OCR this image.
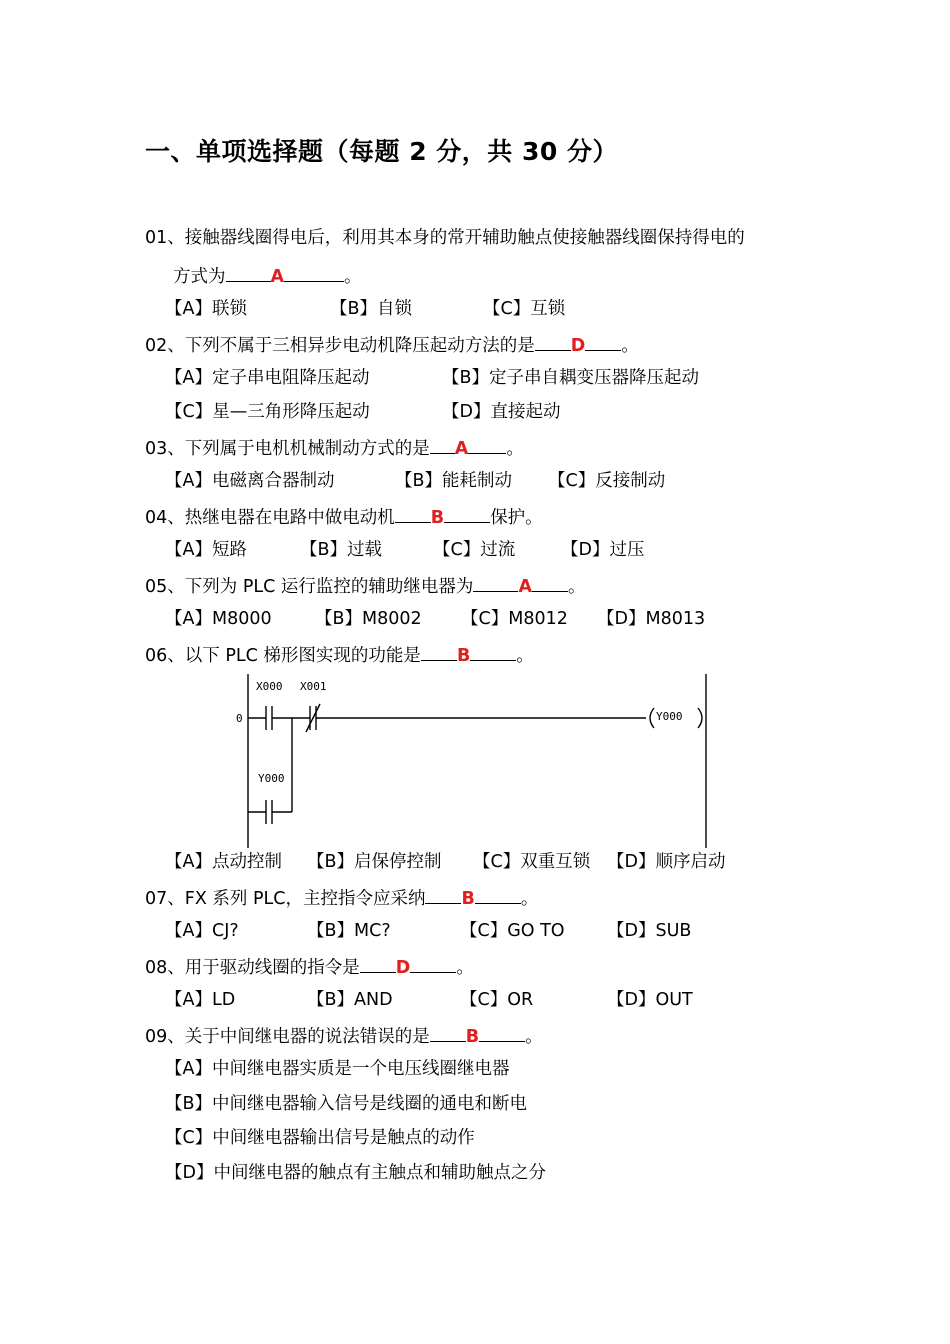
一、单项选择题（每题 2 分，共 30 分）
01、接触器线圈得电后，利用其本身的常开辅助触点使接触器线圈保持得电的
方式为	A	。
【A】联锁	【B】自锁	【C】互锁
02、下列不属于三相异步电动机降压起动方法的是 D 。
【A】定子串电阻降压起动	【B】定子串自耦变压器降压起动
【C】星—三角形降压起动	【D】直接起动
03、下列属于电机机械制动方式的是 A 。
【A】电磁离合器制动	【B】能耗制动 【C】反接制动
04、热继电器在电路中做电动机 B	保护。
【A】短路	【B】过载	【C】过流	【D】过压
05、下列为 PLC 运行监控的辅助继电器为	A 。
【A】M8000 【B】M8002 【C】M8012 【D】M8013
06、以下 PLC 梯形图实现的功能是 B	。
0
X000 X001
Y000
Y000
【A】点动控制 【B】启保停控制 【C】双重互锁 【D】顺序启动
07、FX 系列 PLC，主控指令应采纳 B	。
【A】CJ?	【B】MC?	【C】GO TO 【D】SUB
08、用于驱动线圈的指令是 D	。
【A】LD	【B】AND	【C】OR	【D】OUT
09、关于中间继电器的说法错误的是 B	。
【A】中间继电器实质是一个电压线圈继电器
【B】中间继电器输入信号是线圈的通电和断电
【C】中间继电器输出信号是触点的动作
【D】中间继电器的触点有主触点和辅助触点之分
